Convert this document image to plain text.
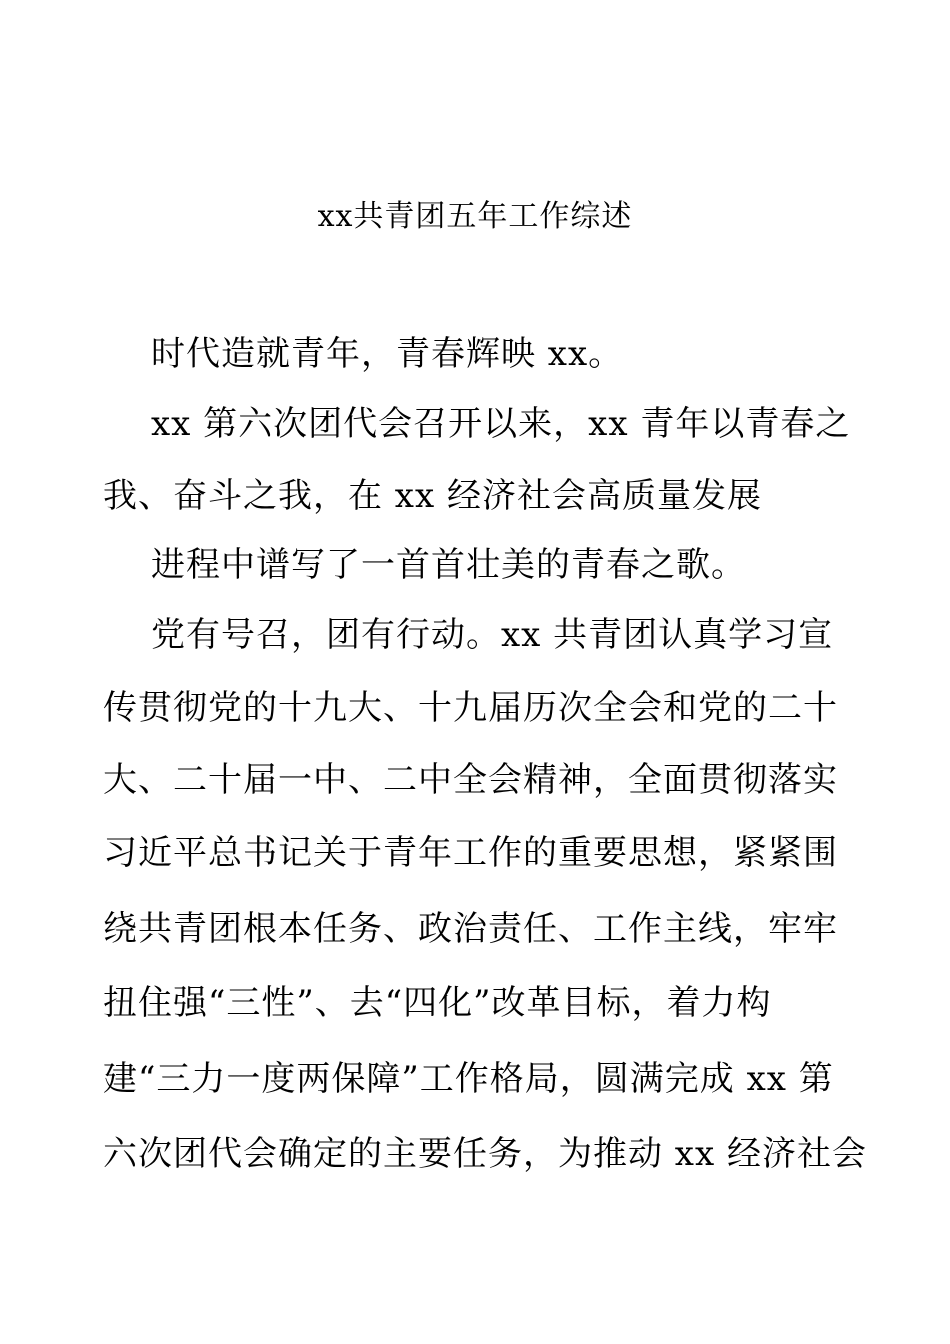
xx共青团五年工作综述
时代造就青年，青春辉映 xx。
xx 第六次团代会召开以来，xx 青年以青春之
我、奋斗之我，在 xx 经济社会高质量发展
进程中谱写了一首首壮美的青春之歌。
党有号召，团有行动。xx 共青团认真学习宣
传贯彻党的十九大、十九届历次全会和党的二十
大、二十届一中、二中全会精神，全面贯彻落实
习近平总书记关于青年工作的重要思想，紧紧围
绕共青团根本任务、政治责任、工作主线，牢牢
扭住强“三性”、去“四化”改革目标，着力构
建“三力一度两保障”工作格局，圆满完成 xx 第
六次团代会确定的主要任务，为推动 xx 经济社会
